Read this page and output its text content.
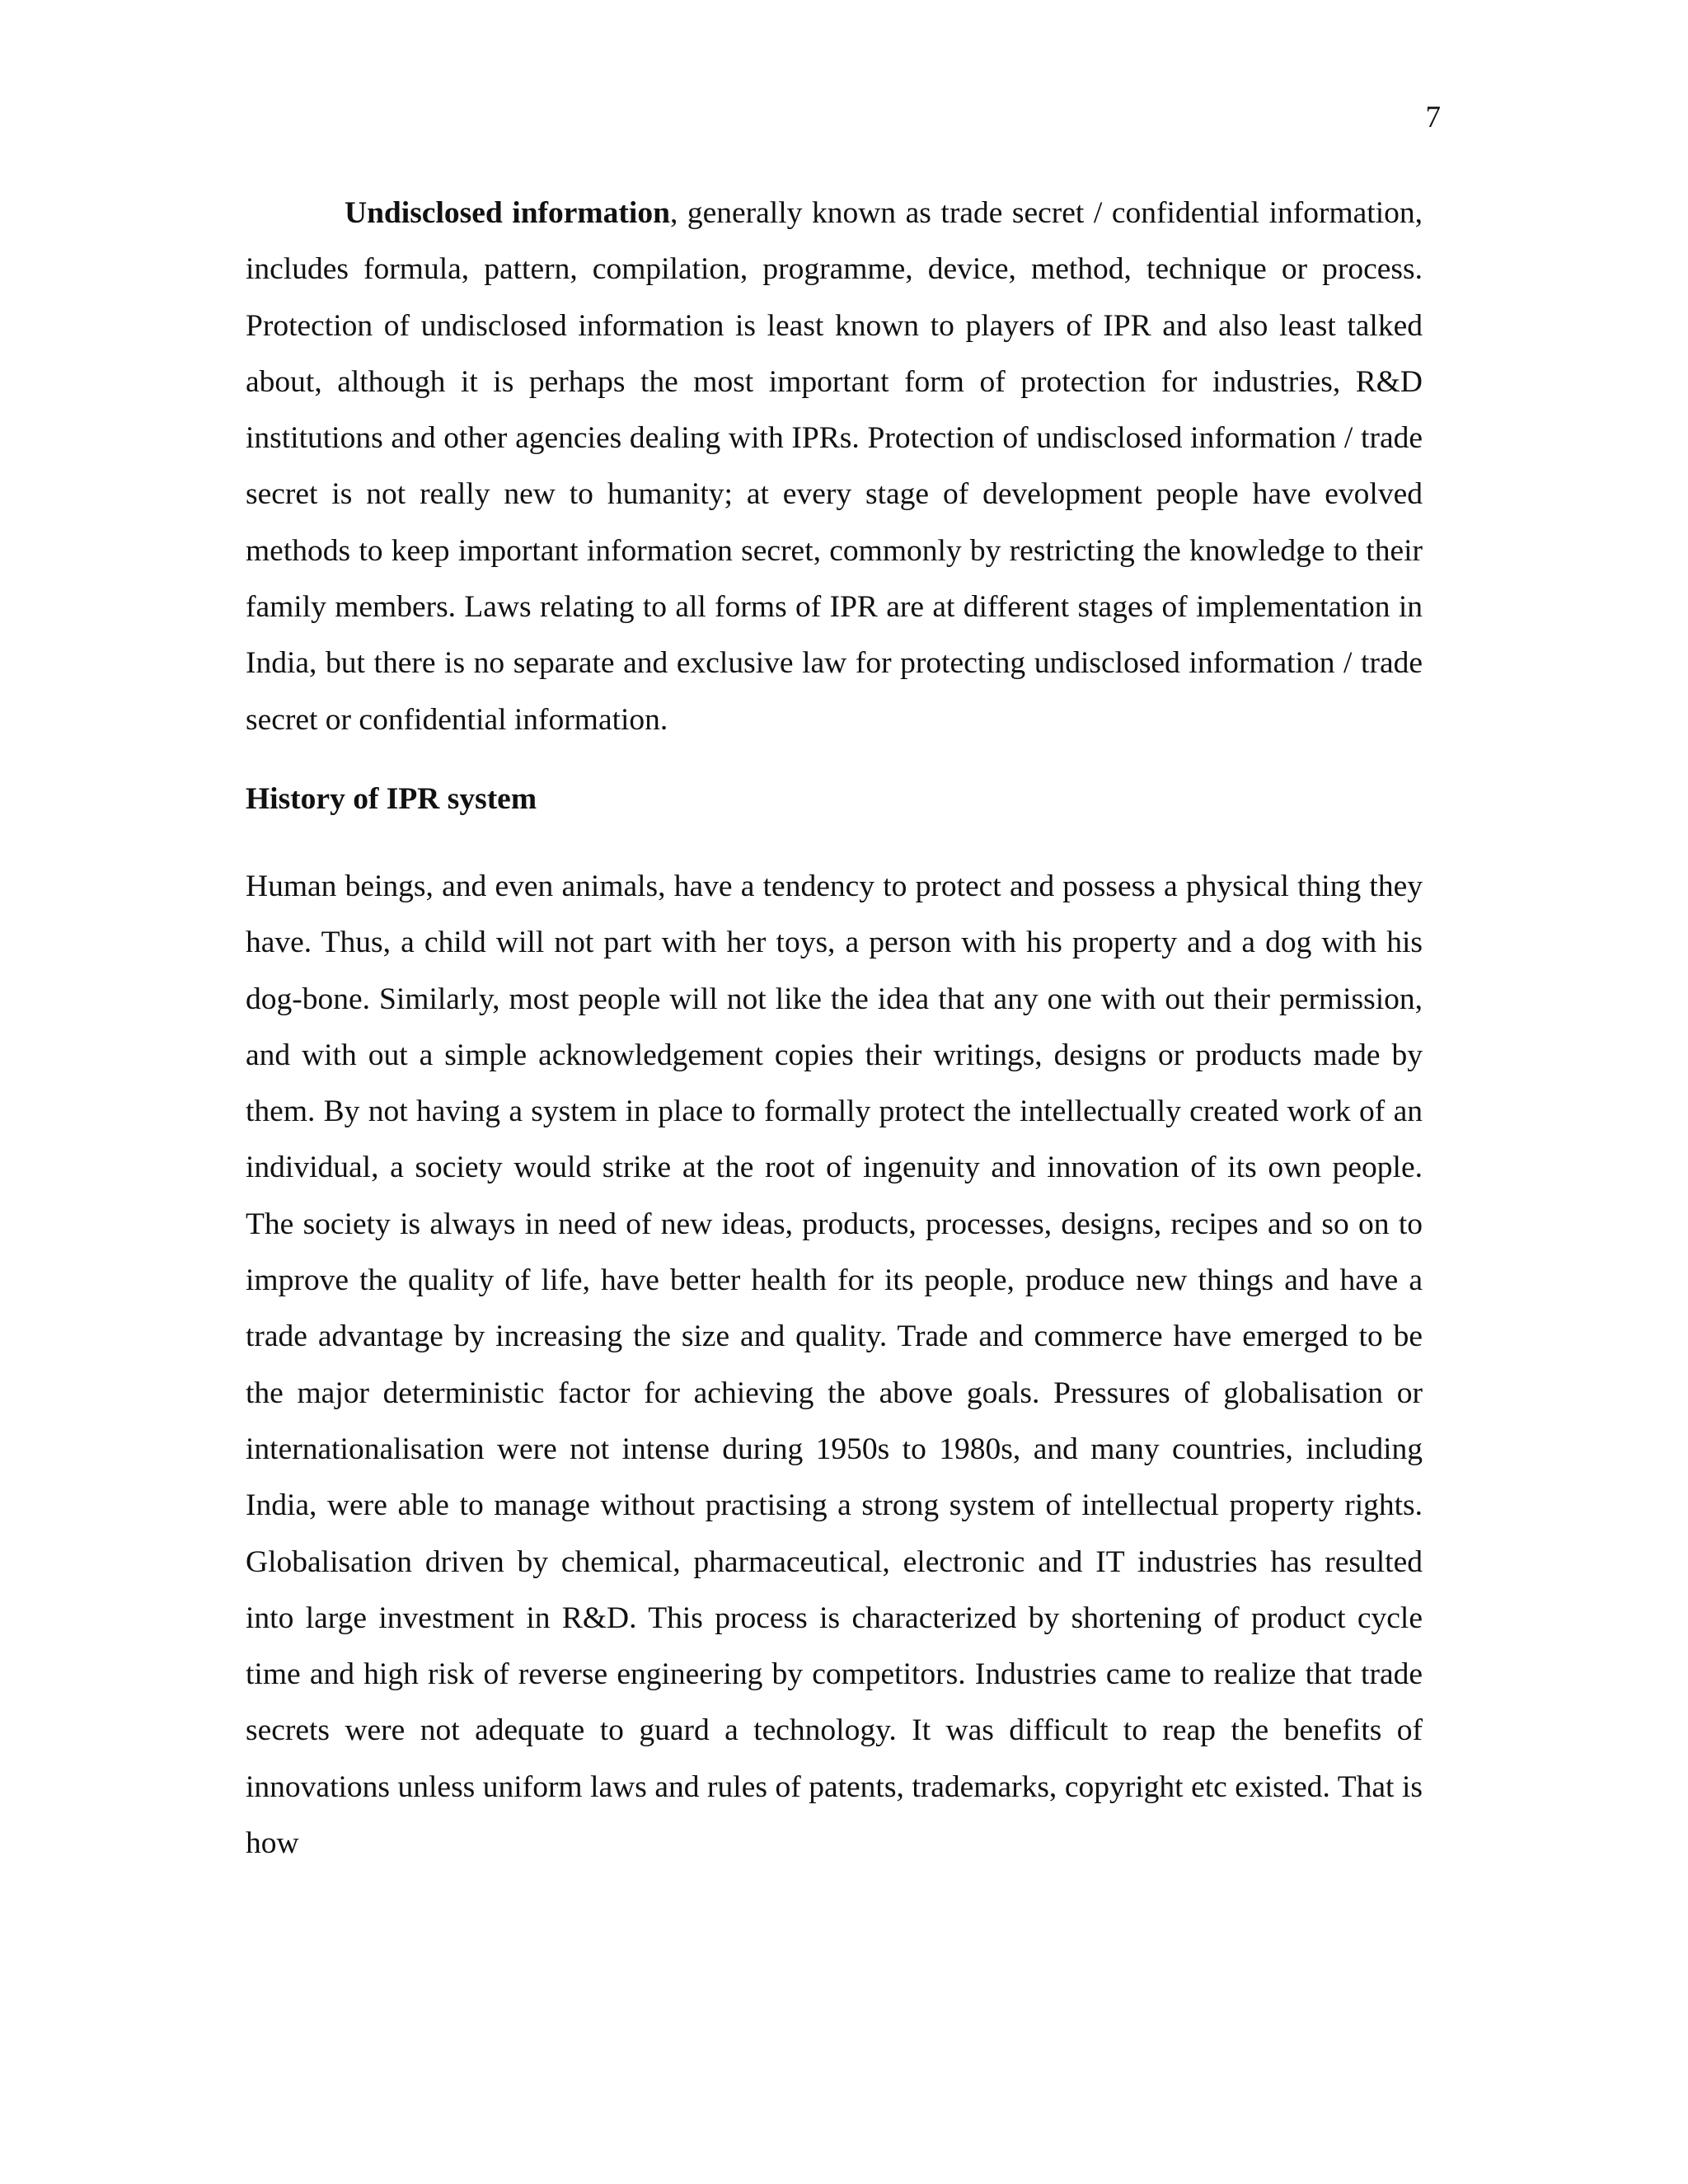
7

Undisclosed information, generally known as trade secret / confidential information, includes formula, pattern, compilation, programme, device, method, technique or process. Protection of undisclosed information is least known to players of IPR and also least talked about, although it is perhaps the most important form of protection for industries, R&D institutions and other agencies dealing with IPRs. Protection of undisclosed information / trade secret is not really new to humanity; at every stage of development people have evolved methods to keep important information secret, commonly by restricting the knowledge to their family members. Laws relating to all forms of IPR are at different stages of implementation in India, but there is no separate and exclusive law for protecting undisclosed information / trade secret or confidential information.

History of IPR system

Human beings, and even animals, have a tendency to protect and possess a physical thing they have. Thus, a child will not part with her toys, a person with his property and a dog with his dog-bone. Similarly, most people will not like the idea that any one with out their permission, and with out a simple acknowledgement copies their writings, designs or products made by them. By not having a system in place to formally protect the intellectually created work of an individual, a society would strike at the root of ingenuity and innovation of its own people. The society is always in need of new ideas, products, processes, designs, recipes and so on to improve the quality of life, have better health for its people, produce new things and have a trade advantage by increasing the size and quality. Trade and commerce have emerged to be the major deterministic factor for achieving the above goals. Pressures of globalisation or internationalisation were not intense during 1950s to 1980s, and many countries, including India, were able to manage without practising a strong system of intellectual property rights. Globalisation driven by chemical, pharmaceutical, electronic and IT industries has resulted into large investment in R&D. This process is characterized by shortening of product cycle time and high risk of reverse engineering by competitors. Industries came to realize that trade secrets were not adequate to guard a technology. It was difficult to reap the benefits of innovations unless uniform laws and rules of patents, trademarks, copyright etc existed. That is how
